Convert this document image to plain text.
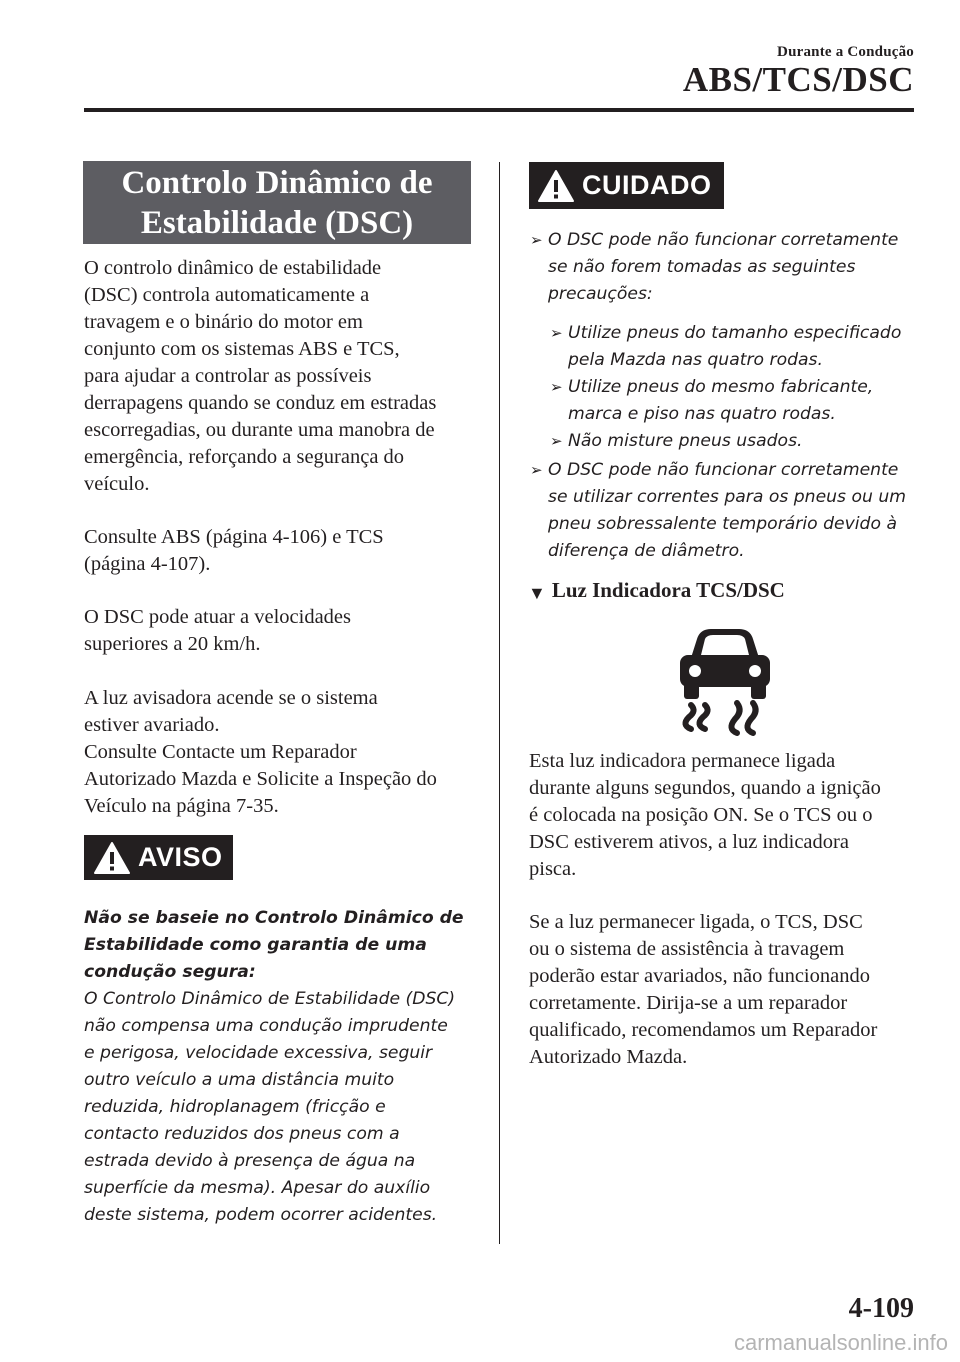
Durante a Condução
ABS/TCS/DSC
Controlo Dinâmico de
Estabilidade (DSC)
O controlo dinâmico de estabilidade
(DSC) controla automaticamente a
travagem e o binário do motor em
conjunto com os sistemas ABS e TCS,
para ajudar a controlar as possíveis
derrapagens quando se conduz em estradas
escorregadias, ou durante uma manobra de
emergência, reforçando a segurança do
veículo.
Consulte ABS (página 4-106) e TCS
(página 4-107).
O DSC pode atuar a velocidades
superiores a 20 km/h.
A luz avisadora acende se o sistema
estiver avariado.
Consulte Contacte um Reparador
Autorizado Mazda e Solicite a Inspeção do
Veículo na página 7-35.
AVISO
Não se baseie no Controlo Dinâmico de
Estabilidade como garantia de uma
condução segura:
O Controlo Dinâmico de Estabilidade (DSC)
não compensa uma condução imprudente
e perigosa, velocidade excessiva, seguir
outro veículo a uma distância muito
reduzida, hidroplanagem (fricção e
contacto reduzidos dos pneus com a
estrada devido à presença de água na
superfície da mesma). Apesar do auxílio
deste sistema, podem ocorrer acidentes.
CUIDADO
➢ O DSC pode não funcionar corretamente
se não forem tomadas as seguintes
precauções:
➢ Utilize pneus do tamanho especificado
pela Mazda nas quatro rodas.
➢ Utilize pneus do mesmo fabricante,
marca e piso nas quatro rodas.
➢ Não misture pneus usados.
➢ O DSC pode não funcionar corretamente
se utilizar correntes para os pneus ou um
pneu sobressalente temporário devido à
diferença de diâmetro.
▼ Luz Indicadora TCS/DSC
Esta luz indicadora permanece ligada
durante alguns segundos, quando a ignição
é colocada na posição ON. Se o TCS ou o
DSC estiverem ativos, a luz indicadora
pisca.
Se a luz permanecer ligada, o TCS, DSC
ou o sistema de assistência à travagem
poderão estar avariados, não funcionando
corretamente. Dirija-se a um reparador
qualificado, recomendamos um Reparador
Autorizado Mazda.
4-109
carmanualsonline.info
